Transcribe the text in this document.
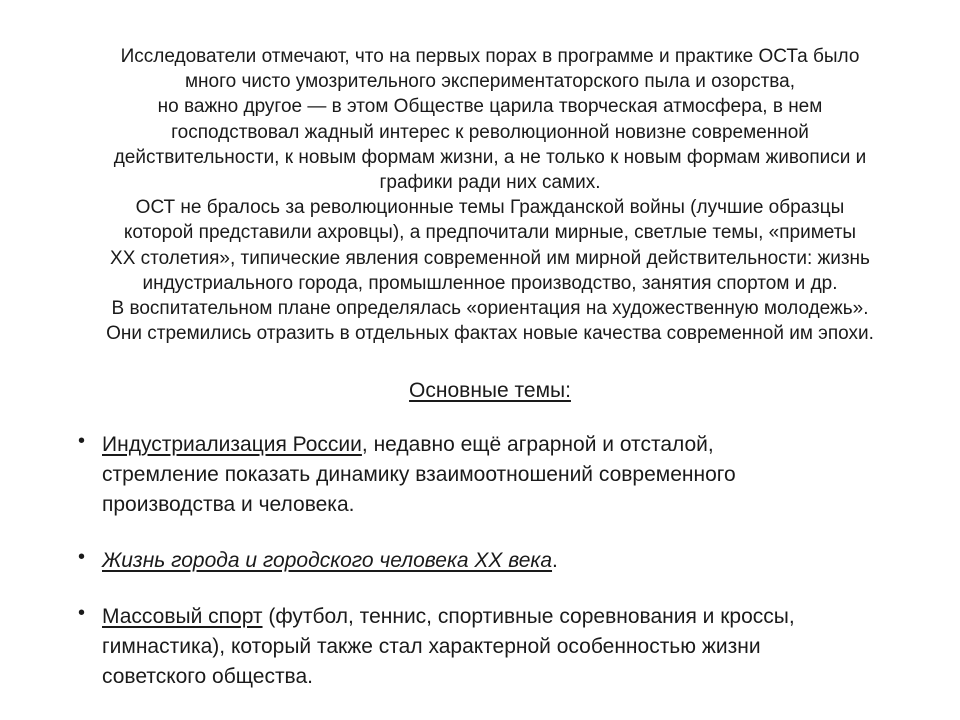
Исследователи отмечают, что на первых порах в программе и практике ОСТа было
много чисто умозрительного экспериментаторского пыла и озорства,
но важно другое — в этом Обществе царила творческая атмосфера, в нем
господствовал жадный интерес к революционной новизне современной
действительности, к новым формам жизни, а не только к новым формам живописи и
графики ради них самих.
ОСТ не бралось за революционные темы Гражданской войны (лучшие образцы
которой представили ахровцы), а предпочитали мирные, светлые темы, «приметы
XX столетия», типические явления современной им мирной действительности: жизнь
индустриального города, промышленное производство, занятия спортом и др.
В воспитательном плане определялась «ориентация на художественную молодежь».
Они стремились отразить в отдельных фактах новые качества современной им эпохи.
Основные темы:
• Индустриализация России, недавно ещё аграрной и отсталой,
стремление показать динамику взаимоотношений современного
производства и человека.
• Жизнь города и городского человека XX века.
• Массовый спорт (футбол, теннис, спортивные соревнования и кроссы,
гимнастика), который также стал характерной особенностью жизни
советского общества.
